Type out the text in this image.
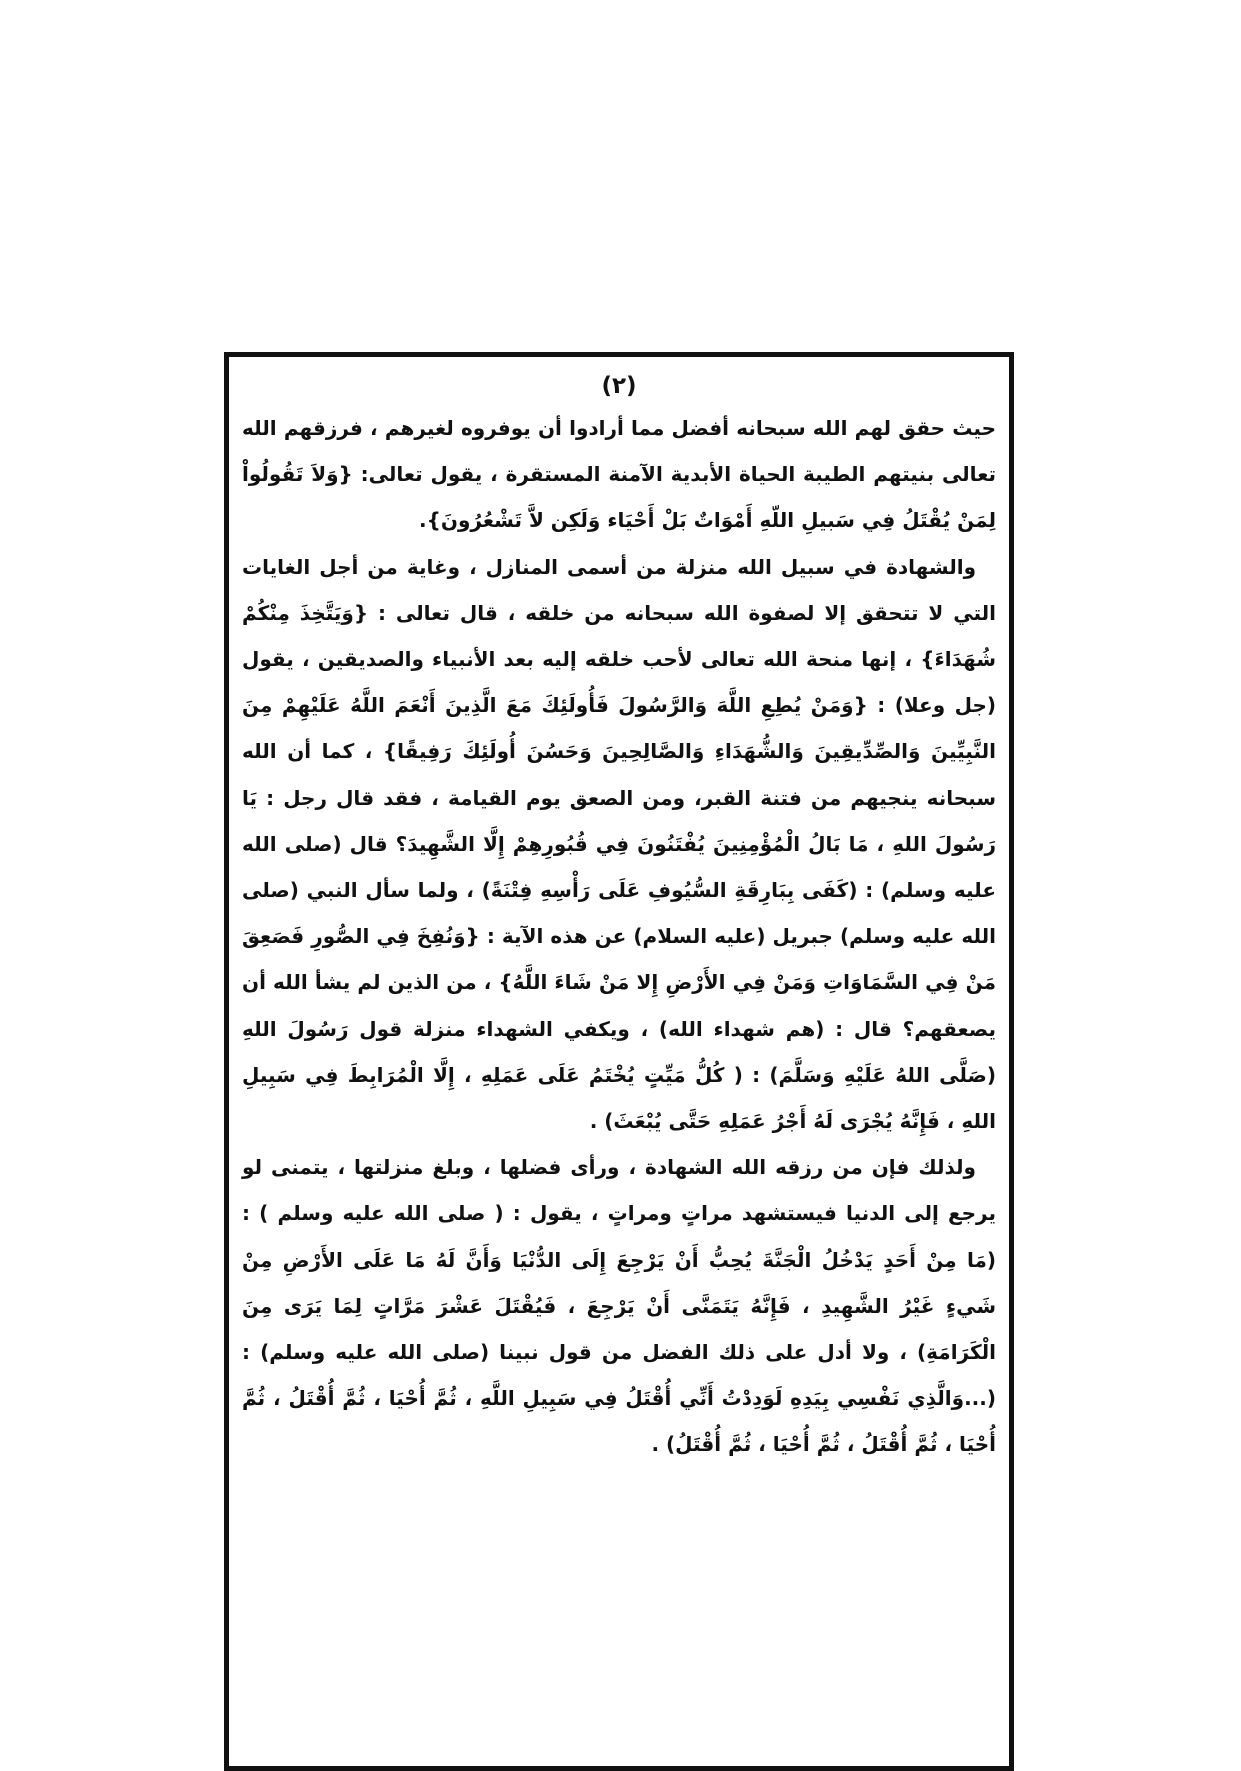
(٢)

حيث حقق لهم الله سبحانه أفضل مما أرادوا أن يوفروه لغيرهم ، فرزقهم الله تعالى بنيتهم الطيبة الحياة الأبدية الآمنة المستقرة ، يقول تعالى: {وَلاَ تَقُولُواْ لِمَنْ يُقْتَلُ فِي سَبيلِ اللّهِ أَمْوَاتٌ بَلْ أَحْيَاء وَلَكِن لاَّ تَشْعُرُونَ}.

والشهادة في سبيل الله منزلة من أسمى المنازل ، وغاية من أجل الغايات التي لا تتحقق إلا لصفوة الله سبحانه من خلقه ، قال تعالى : {وَيَتَّخِذَ مِنْكُمْ شُهَدَاءَ} ، إنها منحة الله تعالى لأحب خلقه إليه بعد الأنبياء والصديقين ، يقول (جل وعلا) : {وَمَنْ يُطِعِ اللَّهَ وَالرَّسُولَ فَأُولَئِكَ مَعَ الَّذِينَ أَنْعَمَ اللَّهُ عَلَيْهِمْ مِنَ النَّبِيِّينَ وَالصِّدِّيقِينَ وَالشُّهَدَاءِ وَالصَّالِحِينَ وَحَسُنَ أُولَئِكَ رَفِيقًا} ، كما أن الله سبحانه ينجيهم من فتنة القبر، ومن الصعق يوم القيامة ، فقد قال رجل : يَا رَسُولَ اللهِ ، مَا بَالُ الْمُؤْمِنِينَ يُفْتَنُونَ فِي قُبُورِهِمْ إِلَّا الشَّهِيدَ؟ قال (صلى الله عليه وسلم) : (كَفَى بِبَارِقَةِ السُّيُوفِ عَلَى رَأْسِهِ فِتْنَةً) ، ولما سأل النبي (صلى الله عليه وسلم) جبريل (عليه السلام) عن هذه الآية : {وَنُفِخَ فِي الصُّورِ فَصَعِقَ مَنْ فِي السَّمَاوَاتِ وَمَنْ فِي الأَرْضِ إِلا مَنْ شَاءَ اللَّهُ} ، من الذين لم يشأ الله أن يصعقهم؟ قال : (هم شهداء الله) ، ويكفي الشهداء منزلة قول رَسُولَ اللهِ (صَلَّى اللهُ عَلَيْهِ وَسَلَّمَ) : ( كُلُّ مَيِّتٍ يُخْتَمُ عَلَى عَمَلِهِ ، إِلَّا الْمُرَابِطَ فِي سَبِيلِ اللهِ ، فَإِنَّهُ يُجْرَى لَهُ أَجْرُ عَمَلِهِ حَتَّى يُبْعَثَ) .

ولذلك فإن من رزقه الله الشهادة ، ورأى فضلها ، وبلغ منزلتها ، يتمنى لو يرجع إلى الدنيا فيستشهد مراتٍ ومراتٍ ، يقول : ( صلى الله عليه وسلم ) : (مَا مِنْ أَحَدٍ يَدْخُلُ الْجَنَّةَ يُحِبُّ أَنْ يَرْجِعَ إِلَى الدُّنْيَا وَأَنَّ لَهُ مَا عَلَى الأَرْضِ مِنْ شَيءٍ غَيْرُ الشَّهِيدِ ، فَإِنَّهُ يَتَمَنَّى أَنْ يَرْجِعَ ، فَيُقْتَلَ عَشْرَ مَرَّاتٍ لِمَا يَرَى مِنَ الْكَرَامَةِ) ، ولا أدل على ذلك الفضل من قول نبينا (صلى الله عليه وسلم) : (...وَالَّذِي نَفْسِي بِيَدِهِ لَوَدِدْتُ أَنِّي أُقْتَلُ فِي سَبِيلِ اللَّهِ ، ثُمَّ أُحْيَا ، ثُمَّ أُقْتَلُ ، ثُمَّ أُحْيَا ، ثُمَّ أُقْتَلُ ، ثُمَّ أُحْيَا ، ثُمَّ أُقْتَلُ) .
